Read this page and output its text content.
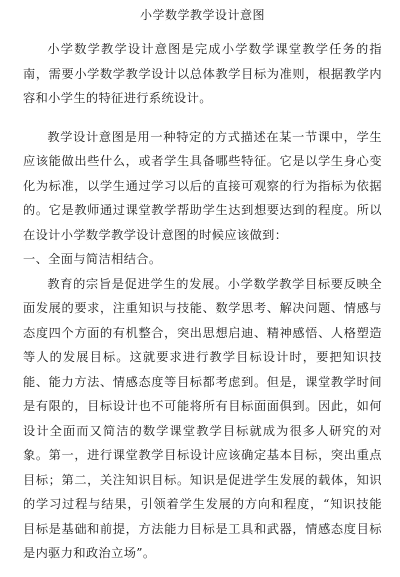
小学数学教学设计意图

小学数学教学设计意图是完成小学数学课堂教学任务的指南，需要小学数学教学设计以总体教学目标为准则，根据教学内容和小学生的特征进行系统设计。

教学设计意图是用一种特定的方式描述在某一节课中，学生应该能做出些什么，或者学生具备哪些特征。它是以学生身心变化为标准，以学生通过学习以后的直接可观察的行为指标为依据的。它是教师通过课堂教学帮助学生达到想要达到的程度。所以在设计小学数学教学设计意图的时候应该做到：

一、全面与简洁相结合。

教育的宗旨是促进学生的发展。小学数学教学目标要反映全面发展的要求，注重知识与技能、数学思考、解决问题、情感与态度四个方面的有机整合，突出思想启迪、精神感悟、人格塑造等人的发展目标。这就要求进行教学目标设计时，要把知识技能、能力方法、情感态度等目标都考虑到。但是，课堂教学时间是有限的，目标设计也不可能将所有目标面面俱到。因此，如何设计全面而又简洁的数学课堂教学目标就成为很多人研究的对象。第一，进行课堂教学目标设计应该确定基本目标，突出重点目标；第二，关注知识目标。知识是促进学生发展的载体，知识的学习过程与结果，引领着学生发展的方向和程度，“知识技能目标是基础和前提，方法能力目标是工具和武器，情感态度目标是内驱力和政治立场”。
